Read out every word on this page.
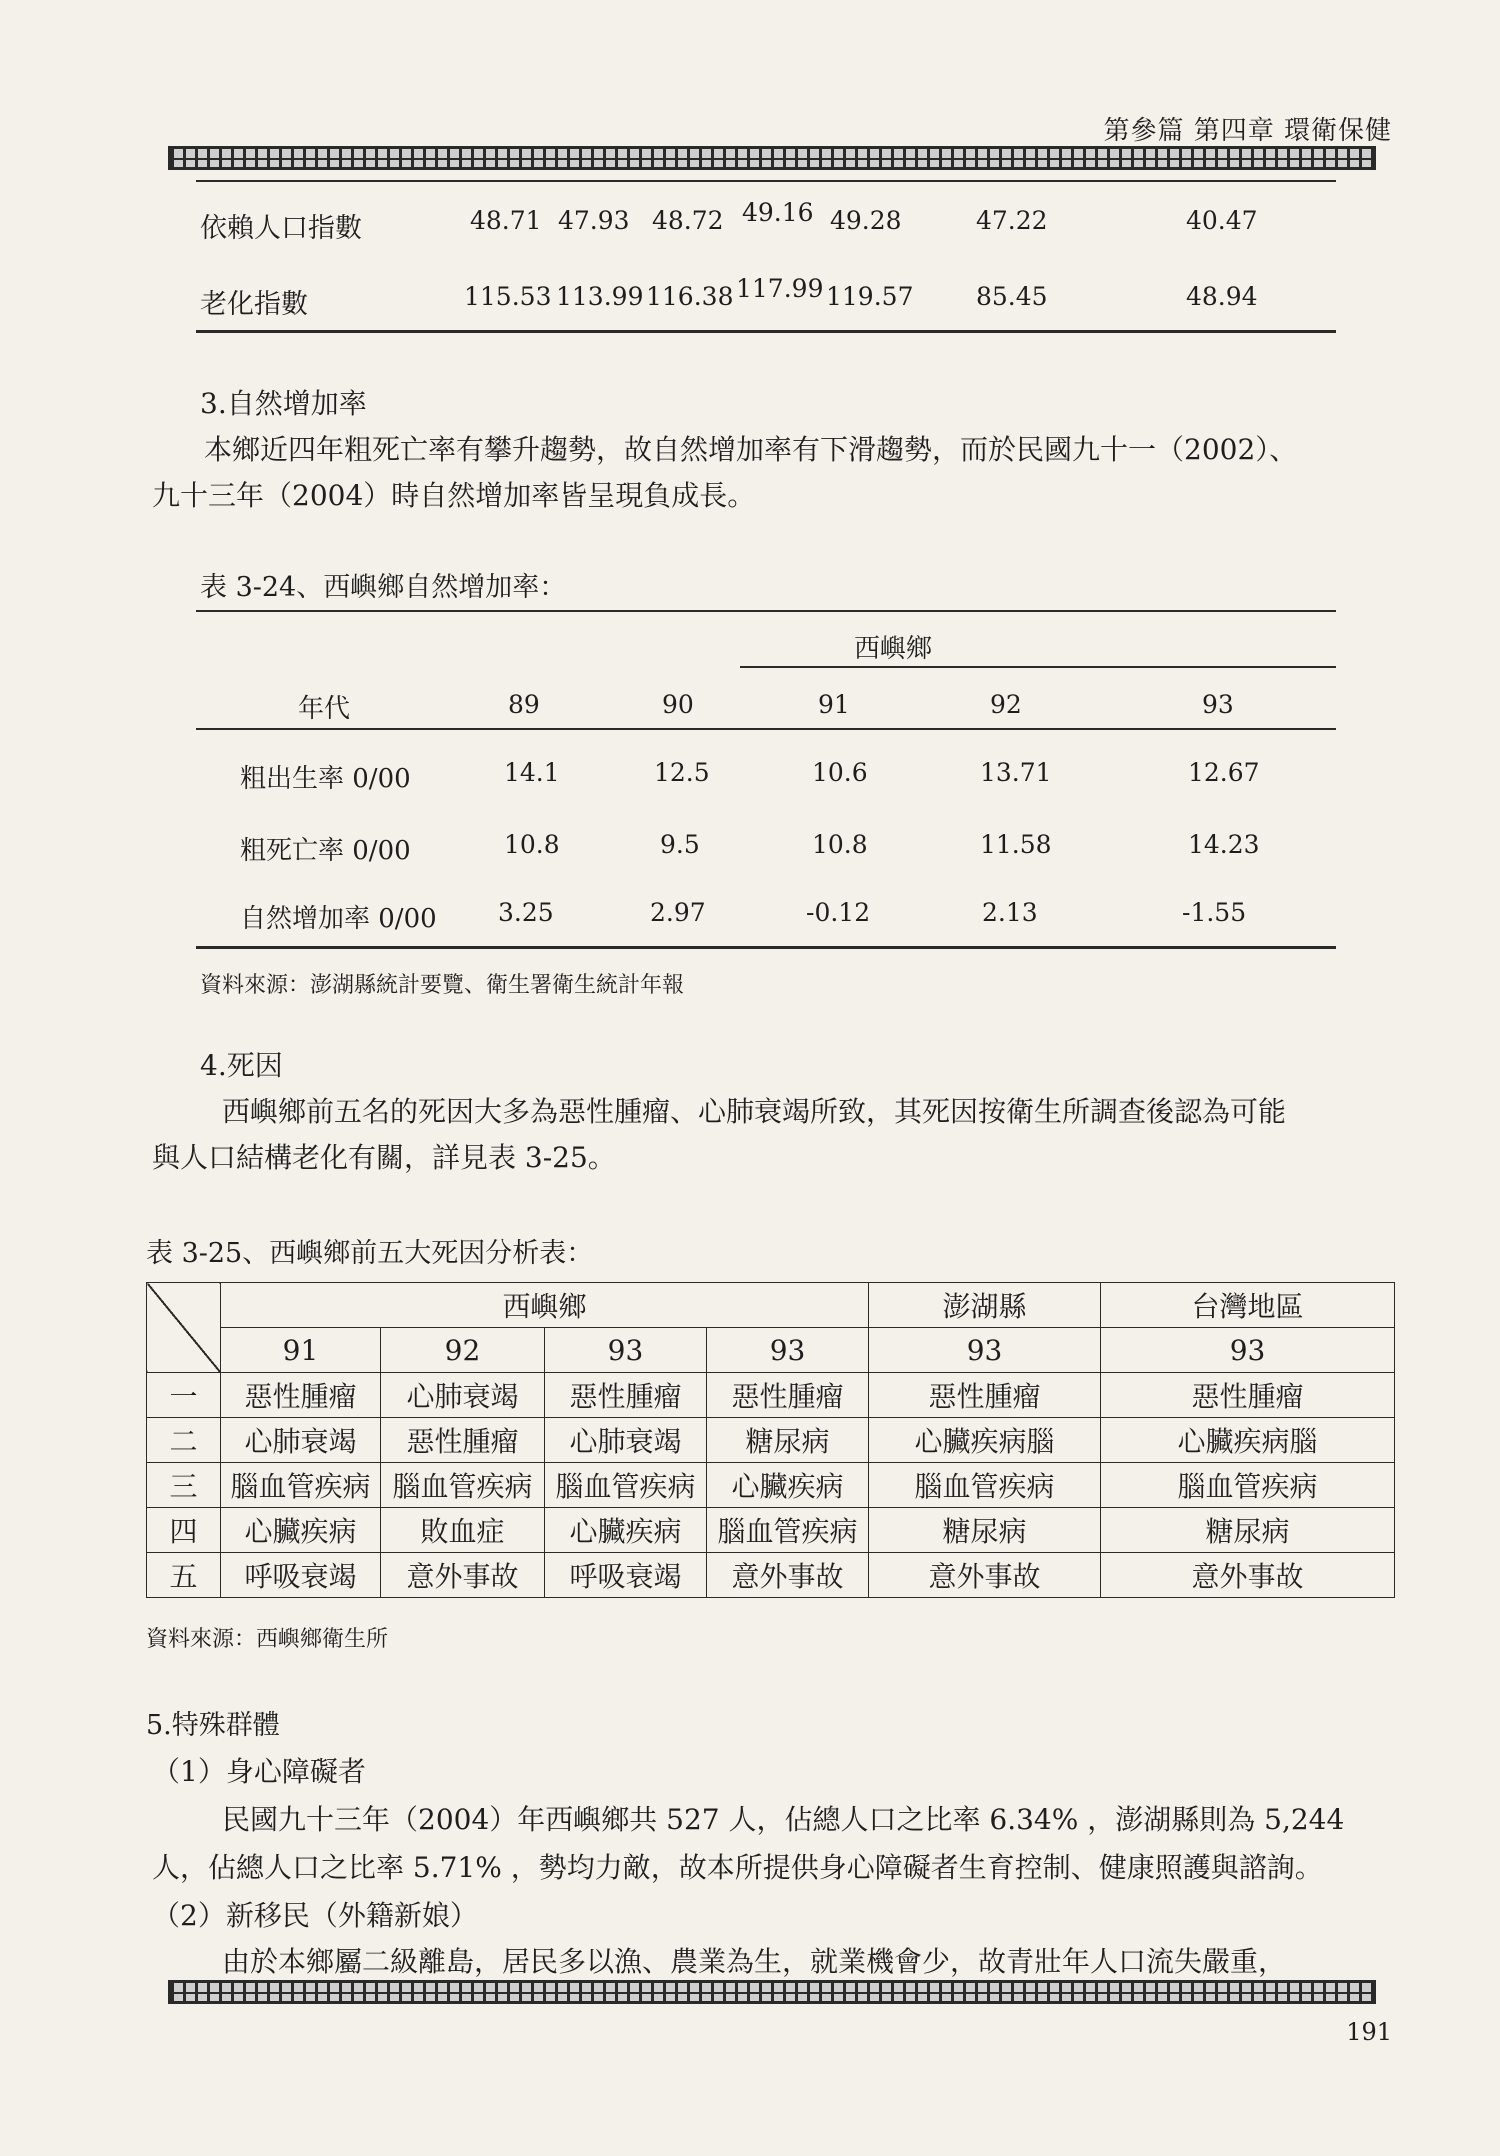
第參篇 第四章 環衛保健
依賴人口指數	48.71 47.93 48.72 49.16 49.28	47.22	40.47
老化指數	115.53 113.99 116.38 117.99 119.57	85.45	48.94
3.自然增加率
本鄉近四年粗死亡率有攀升趨勢，故自然增加率有下滑趨勢，而於民國九十一（2002）、
九十三年（2004）時自然增加率皆呈現負成長。
表 3-24、西嶼鄉自然增加率：
西嶼鄉
年代	89	90	91	92	93
粗出生率 0/00	14.1	12.5	10.6	13.71	12.67
粗死亡率 0/00	10.8	9.5	10.8	11.58	14.23
自然增加率 0/00 3.25	2.97	-0.12	2.13	-1.55
資料來源：澎湖縣統計要覽、衛生署衛生統計年報
4.死因
西嶼鄉前五名的死因大多為惡性腫瘤、心肺衰竭所致，其死因按衛生所調查後認為可能
與人口結構老化有關，詳見表 3-25。
表 3-25、西嶼鄉前五大死因分析表：
	西嶼鄉				澎湖縣	台灣地區
	91	92	93	93	93	93
一	惡性腫瘤	心肺衰竭	惡性腫瘤	惡性腫瘤	惡性腫瘤	惡性腫瘤
二	心肺衰竭	惡性腫瘤	心肺衰竭	糖尿病	心臟疾病腦	心臟疾病腦
三	腦血管疾病	腦血管疾病	腦血管疾病	心臟疾病	腦血管疾病	腦血管疾病
四	心臟疾病	敗血症	心臟疾病	腦血管疾病	糖尿病	糖尿病
五	呼吸衰竭	意外事故	呼吸衰竭	意外事故	意外事故	意外事故
資料來源：西嶼鄉衛生所
5.特殊群體
（1）身心障礙者
民國九十三年（2004）年西嶼鄉共 527 人，佔總人口之比率 6.34% ，澎湖縣則為 5,244
人，佔總人口之比率 5.71% ，勢均力敵，故本所提供身心障礙者生育控制、健康照護與諮詢。
（2）新移民（外籍新娘）
由於本鄉屬二級離島，居民多以漁、農業為生，就業機會少，故青壯年人口流失嚴重，
191
